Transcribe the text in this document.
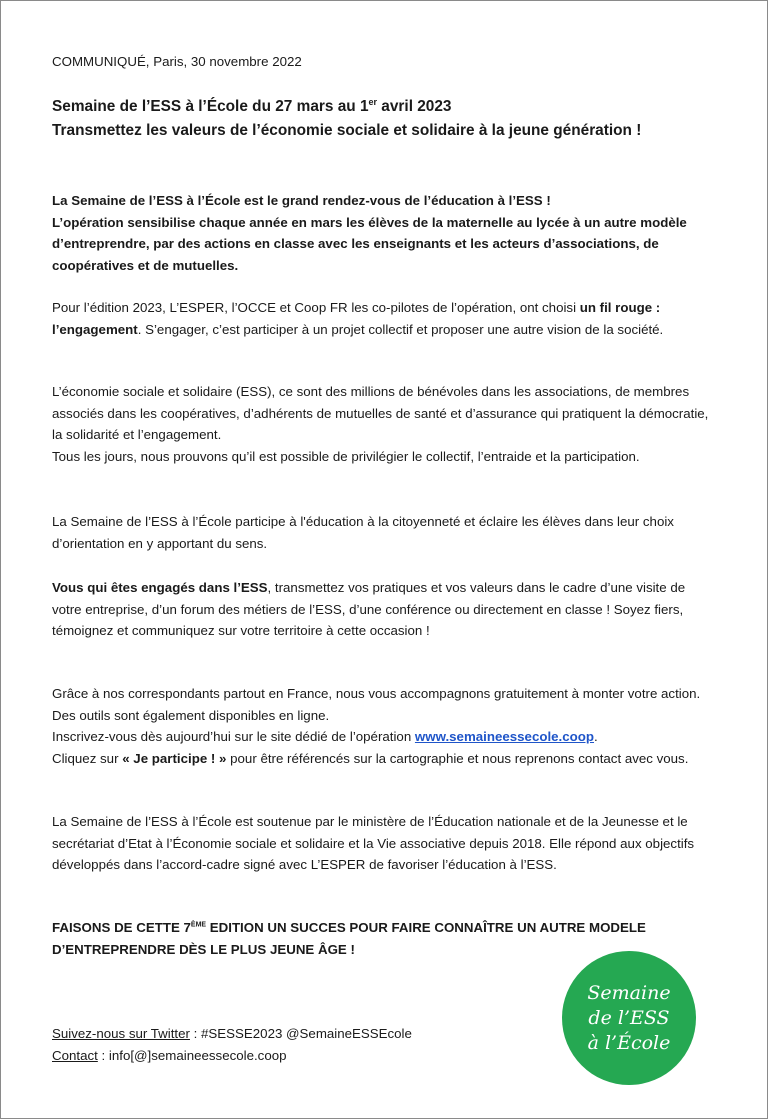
COMMUNIQUÉ, Paris, 30 novembre 2022

Semaine de l’ESS à l’École du 27 mars au 1er avril 2023
Transmettez les valeurs de l’économie sociale et solidaire à la jeune génération !

La Semaine de l’ESS à l’École est le grand rendez-vous de l’éducation à l’ESS !

L’opération sensibilise chaque année en mars les élèves de la maternelle au lycée à un autre modèle d’entreprendre, par des actions en classe avec les enseignants et les acteurs d’associations, de coopératives et de mutuelles.

Pour l’édition 2023, L’ESPER, l’OCCE et Coop FR les co-pilotes de l’opération, ont choisi un fil rouge : l’engagement. S’engager, c’est participer à un projet collectif et proposer une autre vision de la société.

L’économie sociale et solidaire (ESS), ce sont des millions de bénévoles dans les associations, de membres associés dans les coopératives, d’adhérents de mutuelles de santé et d’assurance qui pratiquent la démocratie, la solidarité et l’engagement.

Tous les jours, nous prouvons qu’il est possible de privilégier le collectif, l’entraide et la participation.

La Semaine de l’ESS à l’École participe à l'éducation à la citoyenneté et éclaire les élèves dans leur choix d’orientation en y apportant du sens.

Vous qui êtes engagés dans l’ESS, transmettez vos pratiques et vos valeurs dans le cadre d’une visite de votre entreprise, d’un forum des métiers de l’ESS, d’une conférence ou directement en classe ! Soyez fiers, témoignez et communiquez sur votre territoire à cette occasion !

Grâce à nos correspondants partout en France, nous vous accompagnons gratuitement à monter votre action. Des outils sont également disponibles en ligne.

Inscrivez-vous dès aujourd’hui sur le site dédié de l’opération www.semaineessecole.coop.

Cliquez sur « Je participe ! » pour être référencés sur la cartographie et nous reprenons contact avec vous.

La Semaine de l’ESS à l’École est soutenue par le ministère de l’Éducation nationale et de la Jeunesse et le secrétariat d’Etat à l’Économie sociale et solidaire et la Vie associative depuis 2018. Elle répond aux objectifs développés dans l’accord-cadre signé avec L’ESPER de favoriser l’éducation à l’ESS.

FAISONS DE CETTE 7ÈME EDITION UN SUCCES POUR FAIRE CONNAÎTRE UN AUTRE MODELE D’ENTREPRENDRE DÈS LE PLUS JEUNE ÂGE !

Suivez-nous sur Twitter : #SESSE2023 @SemaineESSEcole

Contact : info[@]semaineessecole.coop

Semaine
de l’ESS
à l’École
